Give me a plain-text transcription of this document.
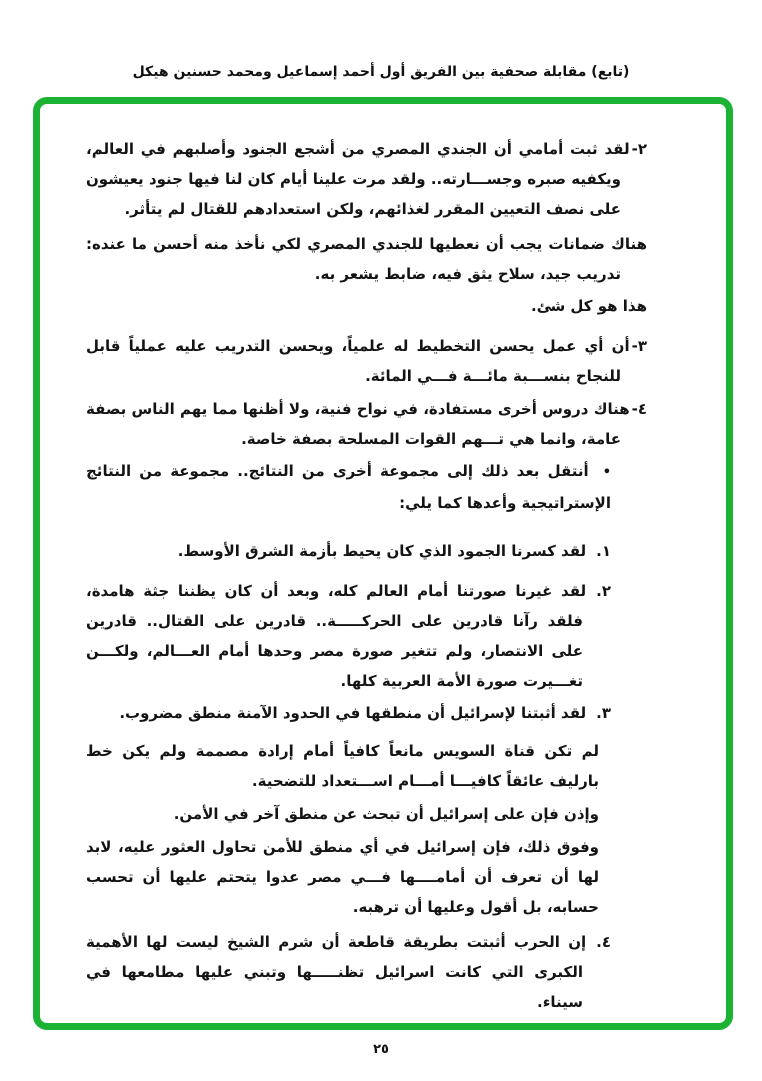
(تابع) مقابلة صحفية بين الفريق أول أحمد إسماعيل ومحمد حسنين هيكل

٢-لقد ثبت أمامي أن الجندي المصري من أشجع الجنود وأصلبهم في العالم، ويكفيه صبره وجســـارته.. ولقد مرت علينا أيام كان لنا فيها جنود يعيشون على نصف التعيين المقرر لغذائهم، ولكن استعدادهم للقتال لم يتأثر.

هناك ضمانات يجب أن نعطيها للجندي المصري لكي نأخذ منه أحسن ما عنده: تدريب جيد، سلاح يثق فيه، ضابط يشعر به.

هذا هو كل شئ.

٣-أن أي عمل يحسن التخطيط له علمياً، ويحسن التدريب عليه عملياً قابل للنجاح بنســـبة مائـــة فـــي المائة.

٤-هناك دروس أخرى مستفادة، في نواح فنية، ولا أظنها مما يهم الناس بصفة عامة، وانما هي تـــهم القوات المسلحة بصفة خاصة.

•أنتقل بعد ذلك إلى مجموعة أخرى من النتائج.. مجموعة من النتائج الإستراتيجية وأعدها كما يلي:

١.لقد كسرنا الجمود الذي كان يحيط بأزمة الشرق الأوسط.

٢.لقد غيرنا صورتنا أمام العالم كله، وبعد أن كان يظننا جثة هامدة، فلقد رآنا قادرين على الحركـــــة.. قادرين على القتال.. قادرين على الانتصار، ولم تتغير صورة مصر وحدها أمام العـــالم، ولكـــن تغـــيرت صورة الأمة العربية كلها.

٣.لقد أثبتنا لإسرائيل أن منطقها في الحدود الآمنة منطق مضروب.

لم تكن قناة السويس مانعاً كافياً أمام إرادة مصممة ولم يكن خط بارليف عائقاً كافيـــا أمـــام اســـتعداد للتضحية.

وإذن فإن على إسرائيل أن تبحث عن منطق آخر في الأمن.

وفوق ذلك، فإن إسرائيل في أي منطق للأمن تحاول العثور عليه، لابد لها أن تعرف أن أمامــــها فـــي مصر عدوا يتحتم عليها أن تحسب حسابه، بل أقول وعليها أن ترهبه.

٤.إن الحرب أثبتت بطريقة قاطعة أن شرم الشيخ ليست لها الأهمية الكبرى التي كانت اسرائيل تظنـــــها وتبني عليها مطامعها في سيناء.

٢٥
